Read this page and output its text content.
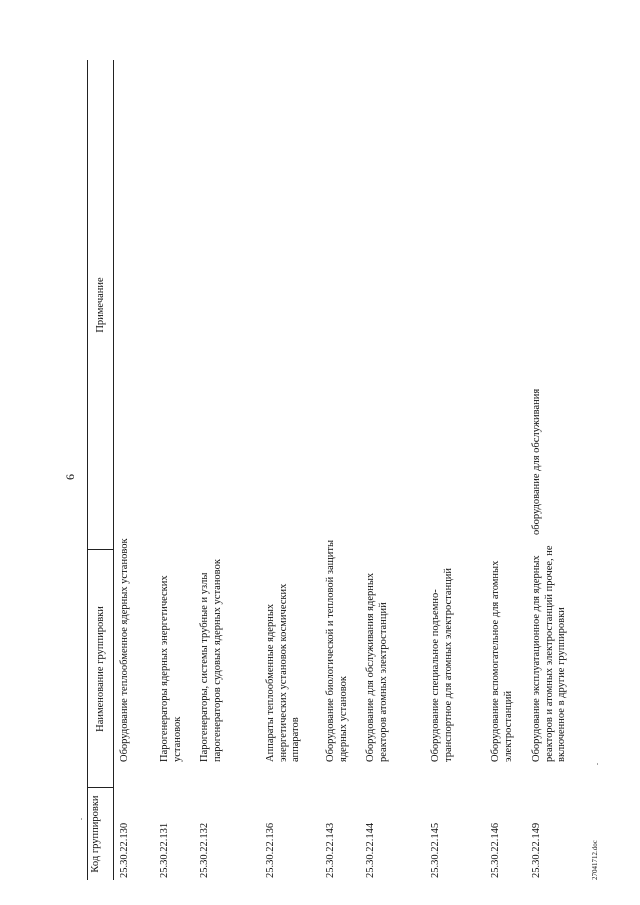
6
Код группировки
Наименование группировки
Примечание
25.30.22.130
Оборудование теплообменное ядерных установок
25.30.22.131
Парогенераторы ядерных энергетических установок
25.30.22.132
Парогенераторы, системы трубные и узлы парогенераторов судовых ядерных установок
25.30.22.136
Аппараты теплообменные ядерных энергетических установок космических аппаратов
25.30.22.143
Оборудование биологической и тепловой защиты ядерных установок
25.30.22.144
Оборудование для обслуживания ядерных реакторов атомных электростанций
25.30.22.145
Оборудование специальное подъемно-транспортное для атомных электростанций
25.30.22.146
Оборудование вспомогательное для атомных электростанций
25.30.22.149
Оборудование эксплуатационное для ядерных реакторов и атомных электростанций прочее, не включенное в другие группировки
оборудование для обслуживания
.
.
27041712.doc
